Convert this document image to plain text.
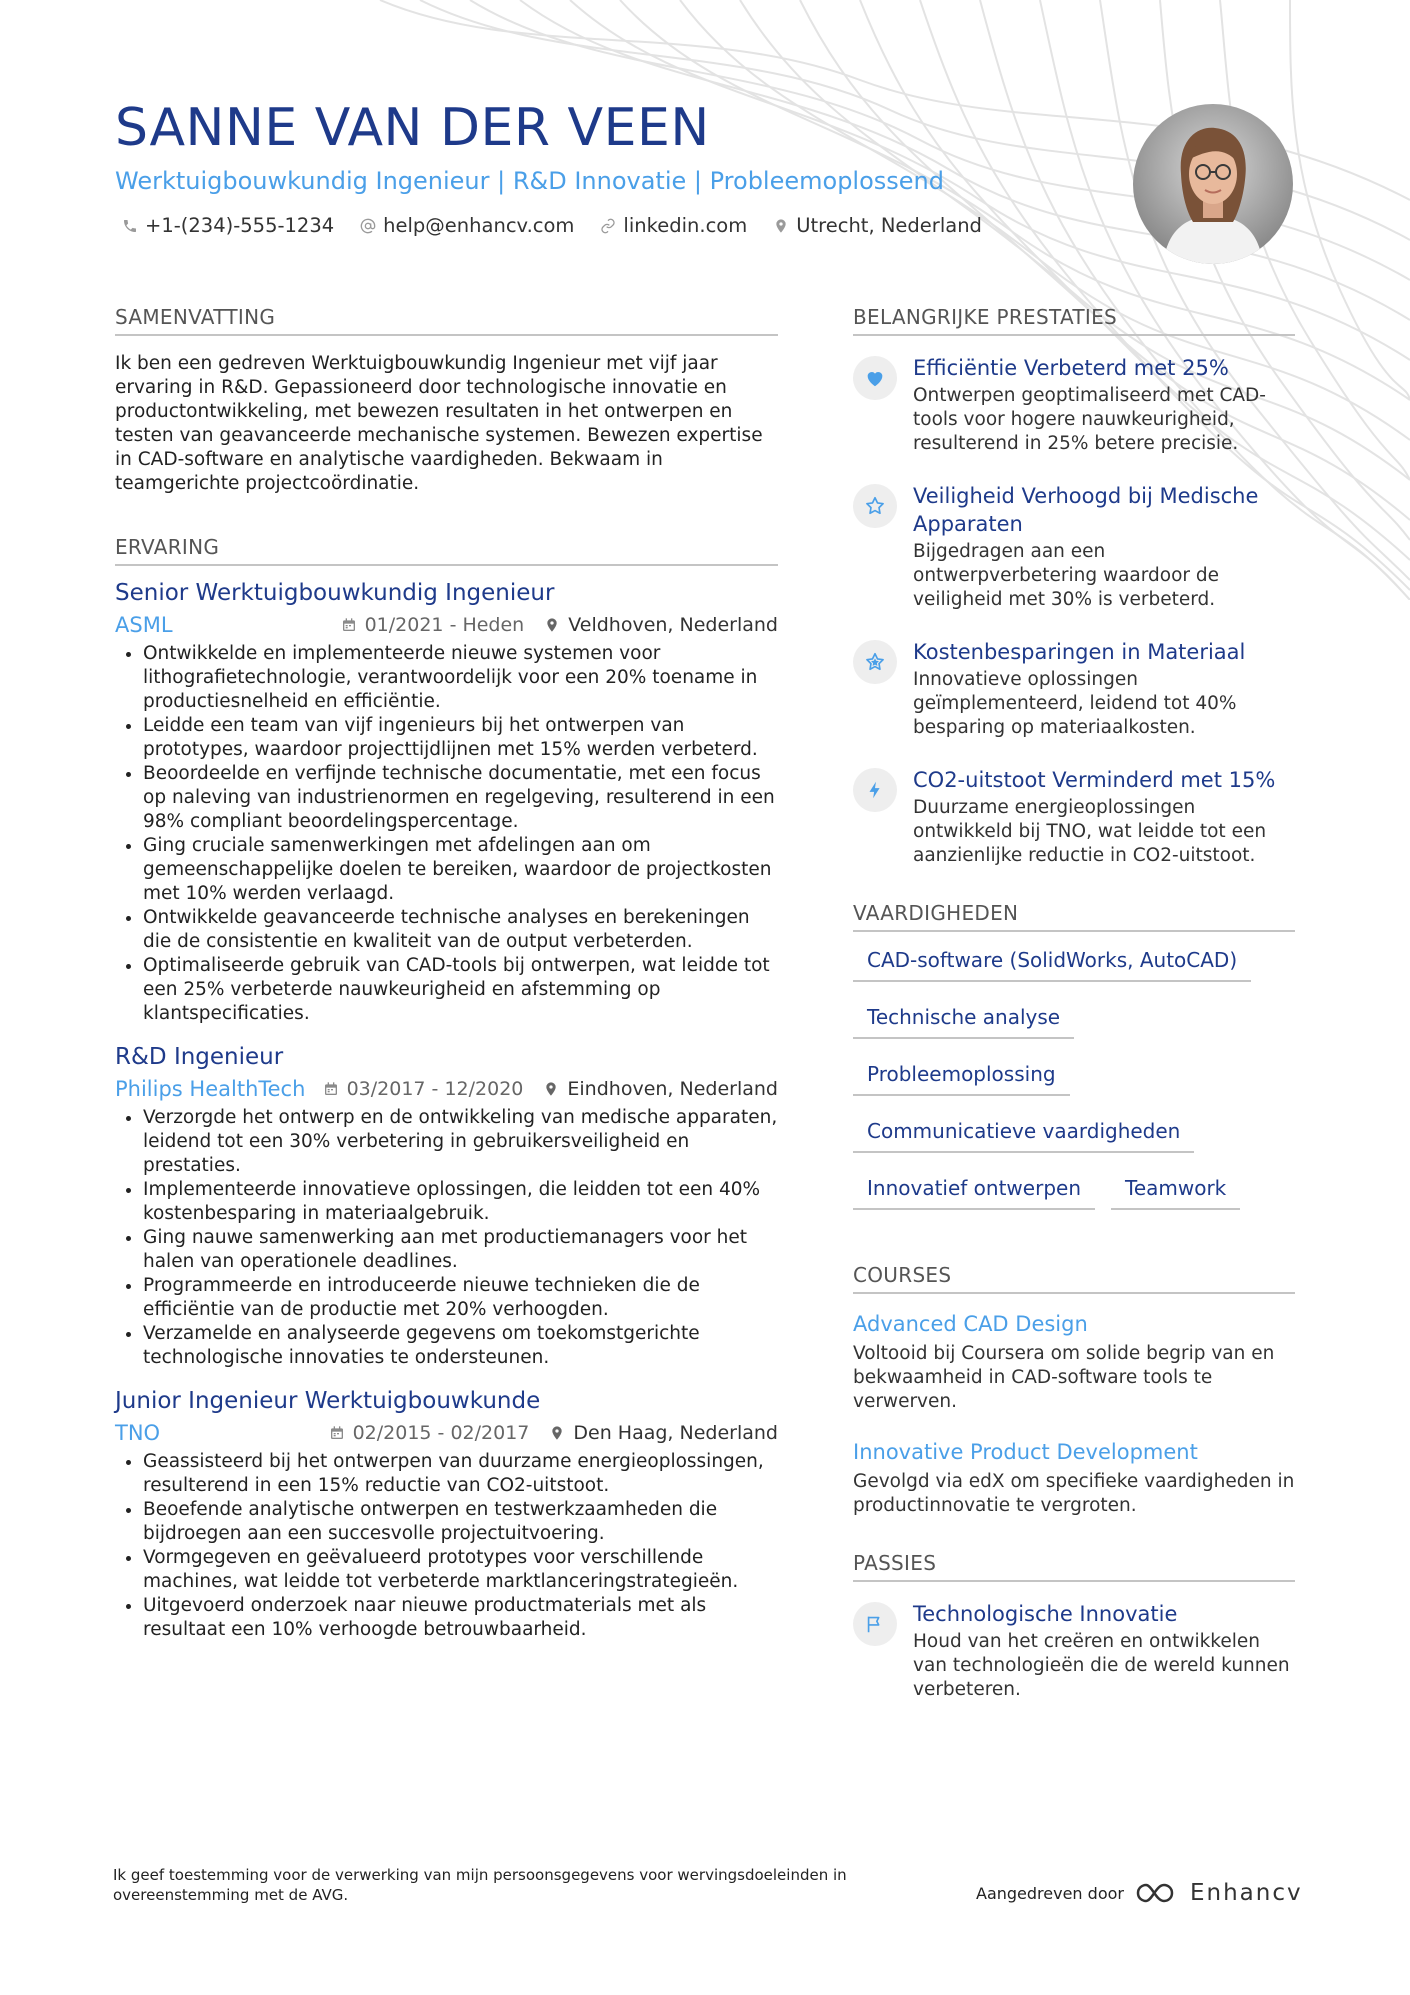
SANNE VAN DER VEEN
Werktuigbouwkundig Ingenieur | R&D Innovatie | Probleemoplossend
+1-(234)-555-1234	help@enhancv.com	linkedin.com	Utrecht, Nederland
SAMENVATTING

Ik ben een gedreven Werktuigbouwkundig Ingenieur met vijf jaar ervaring in R&D. Gepassioneerd door technologische innovatie en productontwikkeling, met bewezen resultaten in het ontwerpen en testen van geavanceerde mechanische systemen. Bewezen expertise in CAD-software en analytische vaardigheden. Bekwaam in teamgerichte projectcoördinatie.

ERVARING
Senior Werktuigbouwkundig Ingenieur
ASML	01/2021 - Heden Veldhoven, Nederland
• Ontwikkelde en implementeerde nieuwe systemen voor lithografietechnologie, verantwoordelijk voor een 20% toename in productiesnelheid en efficiëntie.
• Leidde een team van vijf ingenieurs bij het ontwerpen van prototypes, waardoor projecttijdlijnen met 15% werden verbeterd.
• Beoordeelde en verfijnde technische documentatie, met een focus op naleving van industrienormen en regelgeving, resulterend in een 98% compliant beoordelingspercentage.
• Ging cruciale samenwerkingen met afdelingen aan om gemeenschappelijke doelen te bereiken, waardoor de projectkosten met 10% werden verlaagd.
• Ontwikkelde geavanceerde technische analyses en berekeningen die de consistentie en kwaliteit van de output verbeterden.
• Optimaliseerde gebruik van CAD-tools bij ontwerpen, wat leidde tot een 25% verbeterde nauwkeurigheid en afstemming op klantspecificaties.
R&D Ingenieur
Philips HealthTech 03/2017 - 12/2020 Eindhoven, Nederland
• Verzorgde het ontwerp en de ontwikkeling van medische apparaten, leidend tot een 30% verbetering in gebruikersveiligheid en prestaties.
• Implementeerde innovatieve oplossingen, die leidden tot een 40% kostenbesparing in materiaalgebruik.
• Ging nauwe samenwerking aan met productiemanagers voor het halen van operationele deadlines.
• Programmeerde en introduceerde nieuwe technieken die de efficiëntie van de productie met 20% verhoogden.
• Verzamelde en analyseerde gegevens om toekomstgerichte technologische innovaties te ondersteunen.
Junior Ingenieur Werktuigbouwkunde
TNO	02/2015 - 02/2017 Den Haag, Nederland
• Geassisteerd bij het ontwerpen van duurzame energieoplossingen, resulterend in een 15% reductie van CO2-uitstoot.
• Beoefende analytische ontwerpen en testwerkzaamheden die bijdroegen aan een succesvolle projectuitvoering.
• Vormgegeven en geëvalueerd prototypes voor verschillende machines, wat leidde tot verbeterde marktlanceringstrategieën.
• Uitgevoerd onderzoek naar nieuwe productmaterials met als resultaat een 10% verhoogde betrouwbaarheid.
BELANGRIJKE PRESTATIES
Efficiëntie Verbeterd met 25%
Ontwerpen geoptimaliseerd met CAD-tools voor hogere nauwkeurigheid, resulterend in 25% betere precisie.
Veiligheid Verhoogd bij Medische Apparaten
Bijgedragen aan een ontwerpverbetering waardoor de veiligheid met 30% is verbeterd.
Kostenbesparingen in Materiaal
Innovatieve oplossingen geïmplementeerd, leidend tot 40% besparing op materiaalkosten.
CO2-uitstoot Verminderd met 15%
Duurzame energieoplossingen ontwikkeld bij TNO, wat leidde tot een aanzienlijke reductie in CO2-uitstoot.
VAARDIGHEDEN
CAD-software (SolidWorks, AutoCAD)
Technische analyse
Probleemoplossing
Communicatieve vaardigheden
Innovatief ontwerpen	Teamwork
COURSES
Advanced CAD Design
Voltooid bij Coursera om solide begrip van en bekwaamheid in CAD-software tools te verwerven.
Innovative Product Development
Gevolgd via edX om specifieke vaardigheden in productinnovatie te vergroten.
PASSIES
Technologische Innovatie
Houd van het creëren en ontwikkelen van technologieën die de wereld kunnen verbeteren.
Ik geef toestemming voor de verwerking van mijn persoonsgegevens voor wervingsdoeleinden in overeenstemming met de AVG.	Aangedreven door	Enhancv
